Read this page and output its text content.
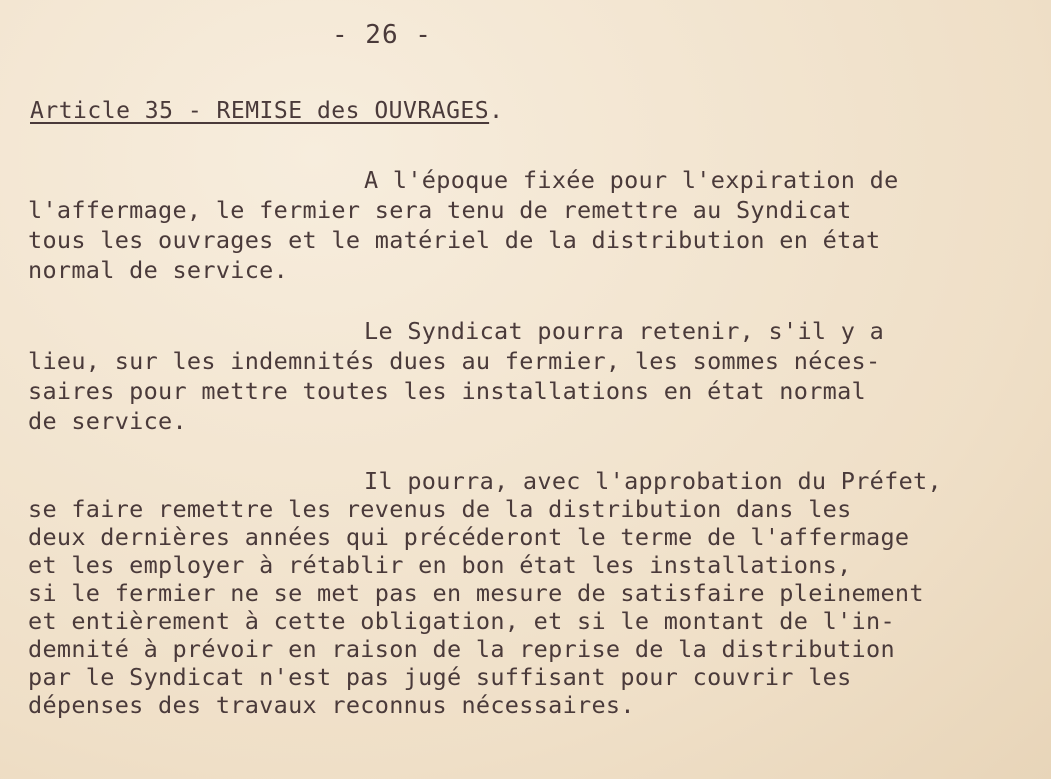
- 26 -
Article 35 - REMISE des OUVRAGES.
A l'époque fixée pour l'expiration de
l'affermage, le fermier sera tenu de remettre au Syndicat
tous les ouvrages et le matériel de la distribution en état
normal de service.
Le Syndicat pourra retenir, s'il y a
lieu, sur les indemnités dues au fermier, les sommes néces-
saires pour mettre toutes les installations en état normal
de service.
Il pourra, avec l'approbation du Préfet,
se faire remettre les revenus de la distribution dans les
deux dernières années qui précéderont le terme de l'affermage
et les employer à rétablir en bon état les installations,
si le fermier ne se met pas en mesure de satisfaire pleinement
et entièrement à cette obligation, et si le montant de l'in-
demnité à prévoir en raison de la reprise de la distribution
par le Syndicat n'est pas jugé suffisant pour couvrir les
dépenses des travaux reconnus nécessaires.
